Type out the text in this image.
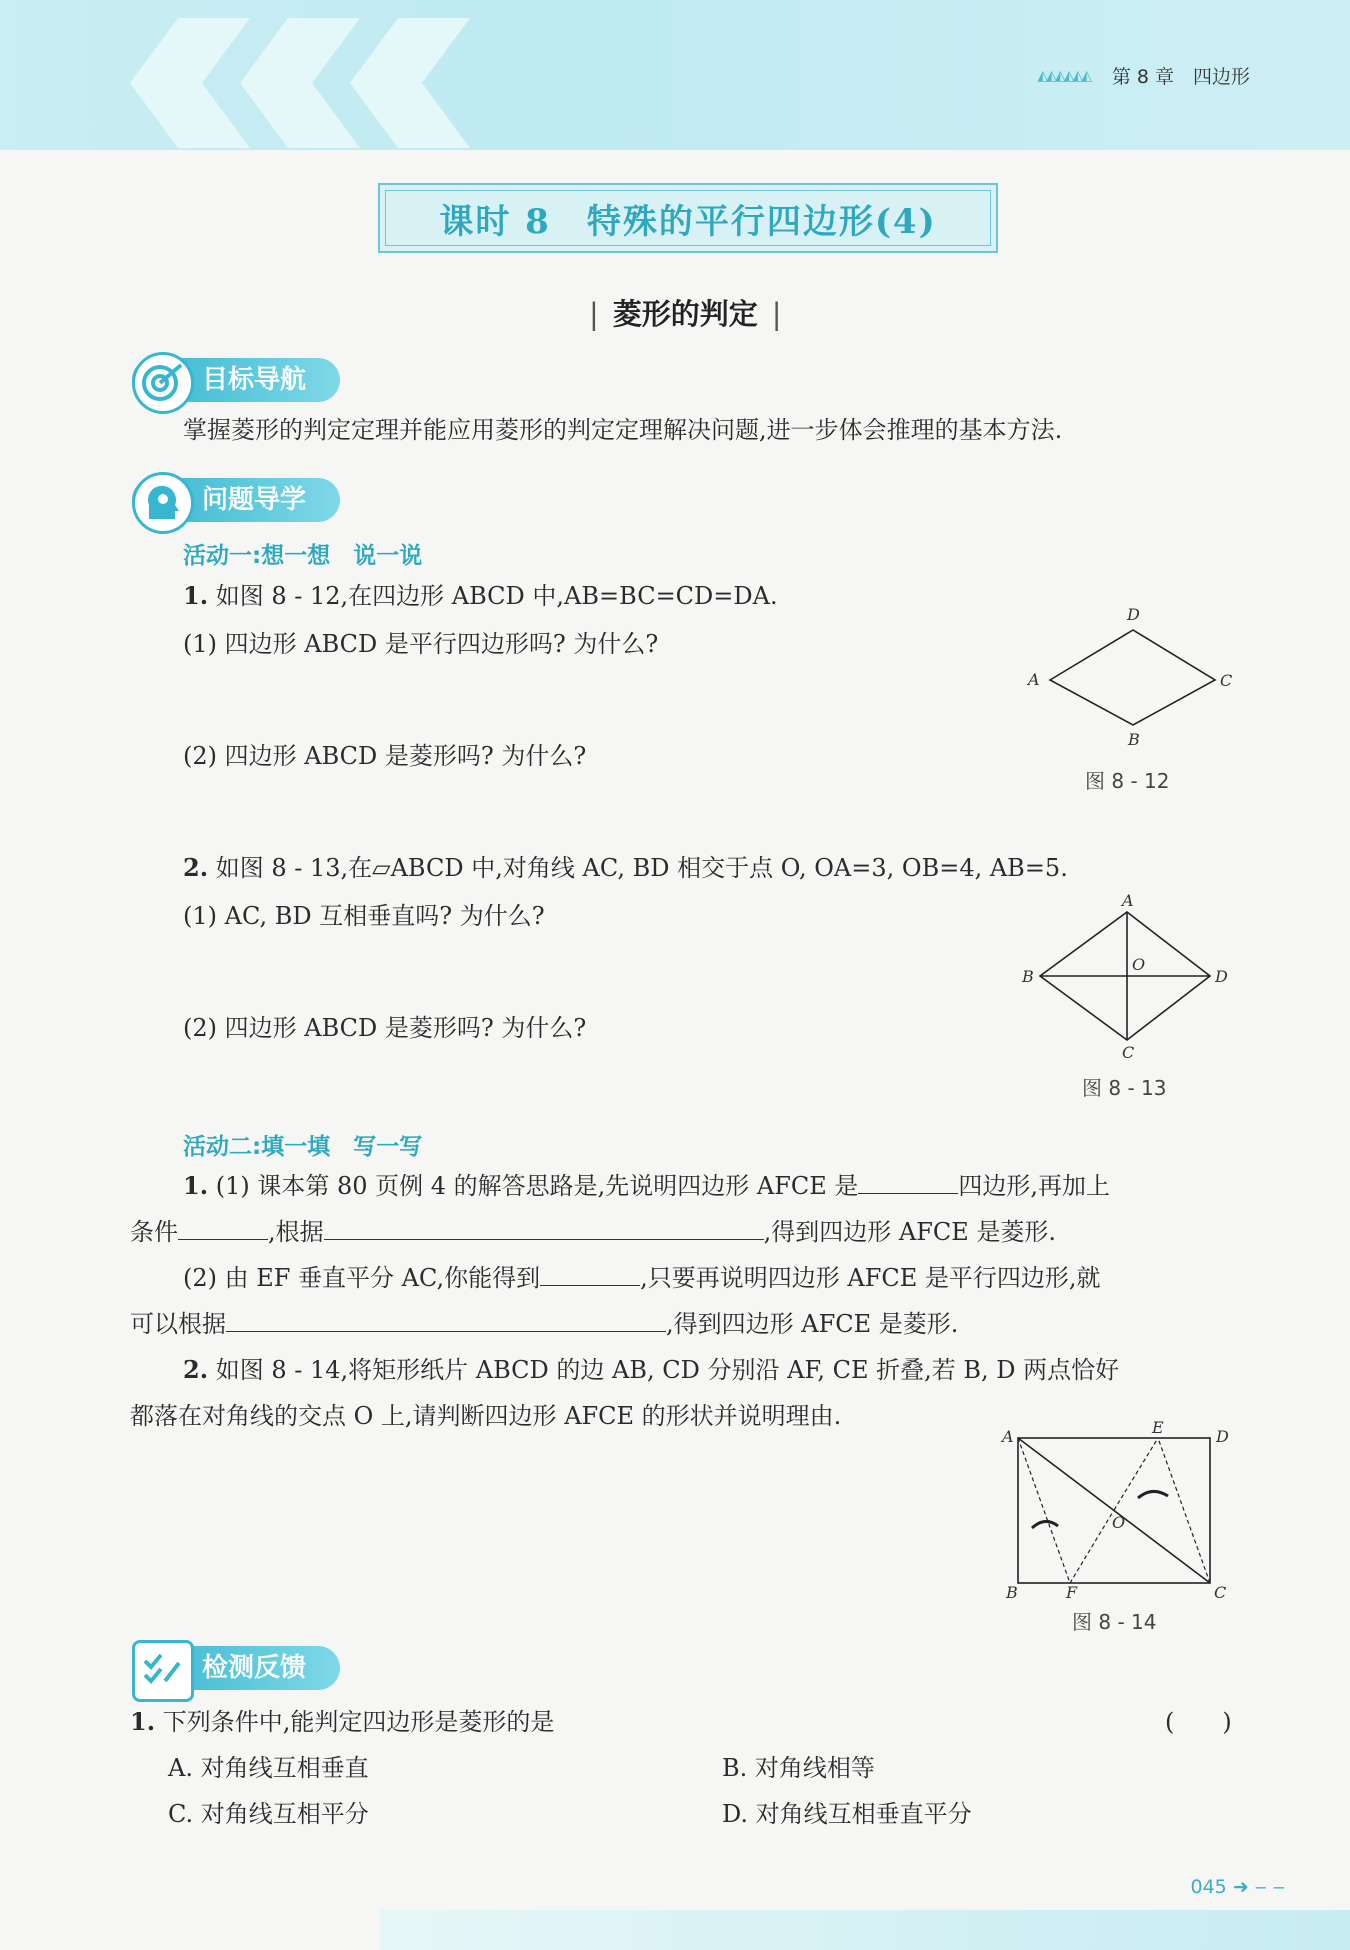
◭◭◭◭◭◭ 第 8 章　四边形
课时 8　特殊的平行四边形(4)
| 菱形的判定 |
目标导航
掌握菱形的判定定理并能应用菱形的判定定理解决问题,进一步体会推理的基本方法.
问题导学
活动一:想一想　说一说
1. 如图 8 - 12,在四边形 ABCD 中,AB=BC=CD=DA.
(1) 四边形 ABCD 是平行四边形吗? 为什么?
(2) 四边形 ABCD 是菱形吗? 为什么?
A
B
C
D
图 8 - 12
2. 如图 8 - 13,在▱ABCD 中,对角线 AC, BD 相交于点 O, OA=3, OB=4, AB=5.
(1) AC, BD 互相垂直吗? 为什么?
(2) 四边形 ABCD 是菱形吗? 为什么?
A
B
C
D
O
图 8 - 13
活动二:填一填　写一写
1. (1) 课本第 80 页例 4 的解答思路是,先说明四边形 AFCE 是	四边形,再加上
条件	,根据	,得到四边形 AFCE 是菱形.
(2) 由 EF 垂直平分 AC,你能得到	,只要再说明四边形 AFCE 是平行四边形,就
可以根据	,得到四边形 AFCE 是菱形.
2. 如图 8 - 14,将矩形纸片 ABCD 的边 AB, CD 分别沿 AF, CE 折叠,若 B, D 两点恰好
都落在对角线的交点 O 上,请判断四边形 AFCE 的形状并说明理由.
A
B	C
D
E
F
O
图 8 - 14
检测反馈
1. 下列条件中,能判定四边形是菱形的是	(　　)
A. 对角线互相垂直	B. 对角线相等
C. 对角线互相平分	D. 对角线互相垂直平分
045 ➜ ‒ ‒
